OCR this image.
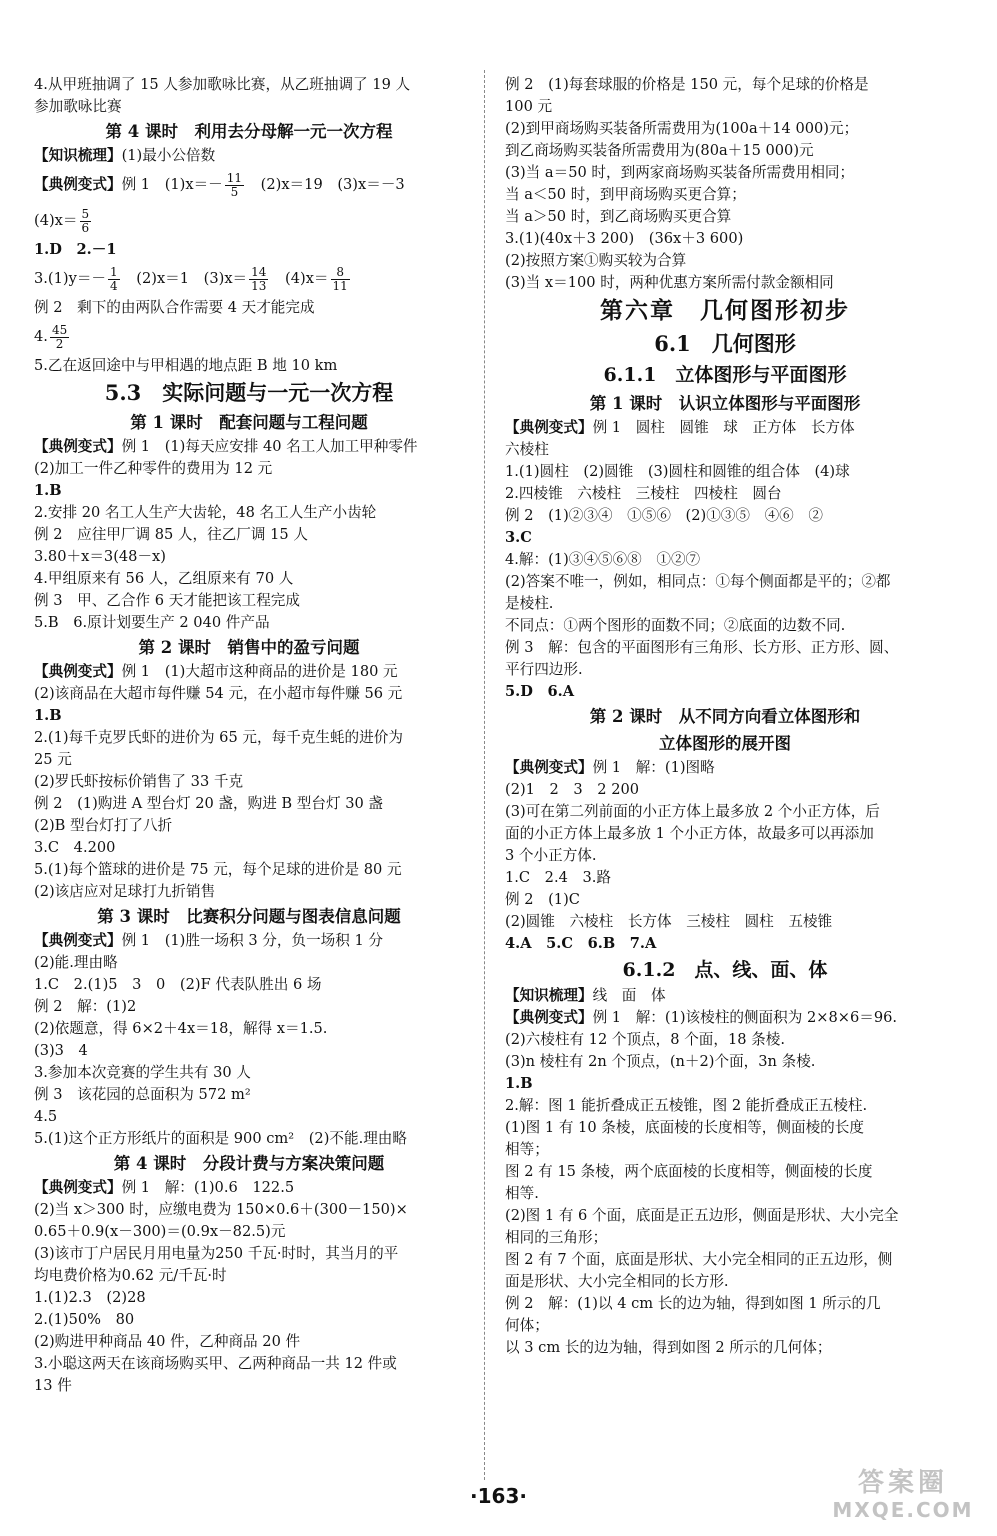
4.从甲班抽调了 15 人参加歌咏比赛，从乙班抽调了 19 人
参加歌咏比赛
第 4 课时　利用去分母解一元一次方程
【知识梳理】(1)最小公倍数
【典例变式】例 1　$(1)x=- \frac{11}{5}$ 　(2)x＝19　(3)x＝－3
$(4)x= \frac{5}{6}$
1.D　2.－1
$3.(1)y=- \frac{1}{4}$ 　(2)x＝1　$(3)x= \frac{14}{13}$ 　$(4)x= \frac{8}{11}$
例 2　剩下的由两队合作需要 4 天才能完成
4. $\frac{45}{2}$
5.乙在返回途中与甲相遇的地点距 B 地 10 km
5.3　实际问题与一元一次方程
第 1 课时　配套问题与工程问题
【典例变式】例 1　(1)每天应安排 40 名工人加工甲种零件
(2)加工一件乙种零件的费用为 12 元
1.B
2.安排 20 名工人生产大齿轮，48 名工人生产小齿轮
例 2　应往甲厂调 85 人，往乙厂调 15 人
3.80＋x＝3(48－x)
4.甲组原来有 56 人，乙组原来有 70 人
例 3　甲、乙合作 6 天才能把该工程完成
5.B　6.原计划要生产 2 040 件产品
第 2 课时　销售中的盈亏问题
【典例变式】例 1　(1)大超市这种商品的进价是 180 元
(2)该商品在大超市每件赚 54 元，在小超市每件赚 56 元
1.B
2.(1)每千克罗氏虾的进价为 65 元，每千克生蚝的进价为
25 元
(2)罗氏虾按标价销售了 33 千克
例 2　(1)购进 A 型台灯 20 盏，购进 B 型台灯 30 盏
(2)B 型台灯打了八折
3.C　4.200
5.(1)每个篮球的进价是 75 元，每个足球的进价是 80 元
(2)该店应对足球打九折销售
第 3 课时　比赛积分问题与图表信息问题
【典例变式】例 1　(1)胜一场积 3 分，负一场积 1 分
(2)能.理由略
1.C　2.(1)5　3　0　(2)F 代表队胜出 6 场
例 2　解：(1)2
(2)依题意，得 6×2＋4x＝18，解得 x＝1.5.
(3)3　4
3.参加本次竞赛的学生共有 30 人
例 3　该花园的总面积为 572 m²
4.5
5.(1)这个正方形纸片的面积是 900 cm²　(2)不能.理由略
第 4 课时　分段计费与方案决策问题
【典例变式】例 1　解：(1)0.6　122.5
(2)当 x＞300 时，应缴电费为 150×0.6＋(300－150)×
0.65＋0.9(x－300)＝(0.9x－82.5)元
(3)该市丁户居民月用电量为250 千瓦·时时，其当月的平
均电费价格为0.62 元/千瓦·时
1.(1)2.3　(2)28
2.(1)50%　80
(2)购进甲种商品 40 件，乙种商品 20 件
3.小聪这两天在该商场购买甲、乙两种商品一共 12 件或
13 件
例 2　(1)每套球服的价格是 150 元，每个足球的价格是
100 元
(2)到甲商场购买装备所需费用为(100a＋14 000)元；
到乙商场购买装备所需费用为(80a＋15 000)元
(3)当 a＝50 时，到两家商场购买装备所需费用相同；
当 a＜50 时，到甲商场购买更合算；
当 a＞50 时，到乙商场购买更合算
3.(1)(40x＋3 200)　(36x＋3 600)
(2)按照方案①购买较为合算
(3)当 x＝100 时，两种优惠方案所需付款金额相同
第六章　几何图形初步
6.1　几何图形
6.1.1　立体图形与平面图形
第 1 课时　认识立体图形与平面图形
【典例变式】例 1　圆柱　圆锥　球　正方体　长方体
六棱柱
1.(1)圆柱　(2)圆锥　(3)圆柱和圆锥的组合体　(4)球
2.四棱锥　六棱柱　三棱柱　四棱柱　圆台
例 2　(1)②③④　①⑤⑥　(2)①③⑤　④⑥　②
3.C
4.解：(1)③④⑤⑥⑧　①②⑦
(2)答案不唯一，例如，相同点：①每个侧面都是平的；②都
是棱柱.
不同点：①两个图形的面数不同；②底面的边数不同.
例 3　解：包含的平面图形有三角形、长方形、正方形、圆、
平行四边形.
5.D　6.A
第 2 课时　从不同方向看立体图形和
立体图形的展开图
【典例变式】例 1　解：(1)图略
(2)1　2　3　2 200
(3)可在第二列前面的小正方体上最多放 2 个小正方体，后
面的小正方体上最多放 1 个小正方体，故最多可以再添加
3 个小正方体.
1.C　2.4　3.路
例 2　(1)C
(2)圆锥　六棱柱　长方体　三棱柱　圆柱　五棱锥
4.A　5.C　6.B　7.A
6.1.2　点、线、面、体
【知识梳理】线　面　体
【典例变式】例 1　解：(1)该棱柱的侧面积为 2×8×6＝96.
(2)六棱柱有 12 个顶点，8 个面，18 条棱.
(3)n 棱柱有 2n 个顶点，(n＋2)个面，3n 条棱.
1.B
2.解：图 1 能折叠成正五棱锥，图 2 能折叠成正五棱柱.
(1)图 1 有 10 条棱，底面棱的长度相等，侧面棱的长度
相等；
图 2 有 15 条棱，两个底面棱的长度相等，侧面棱的长度
相等.
(2)图 1 有 6 个面，底面是正五边形，侧面是形状、大小完全
相同的三角形；
图 2 有 7 个面，底面是形状、大小完全相同的正五边形，侧
面是形状、大小完全相同的长方形.
例 2　解：(1)以 4 cm 长的边为轴，得到如图 1 所示的几
何体；
以 3 cm 长的边为轴，得到如图 2 所示的几何体；
·163·	答案圈
MXQE.COM
